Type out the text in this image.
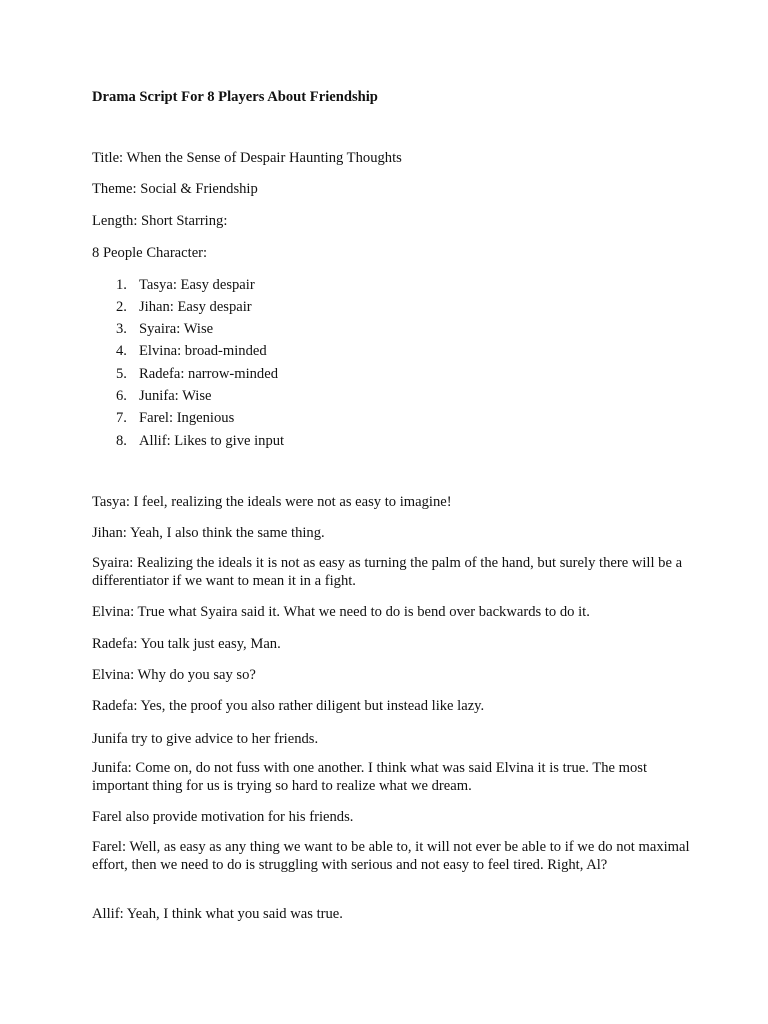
Drama Script For 8 Players About Friendship

Title: When the Sense of Despair Haunting Thoughts

Theme: Social & Friendship

Length: Short Starring:

8 People Character:

1. Tasya: Easy despair
2. Jihan: Easy despair
3. Syaira: Wise
4. Elvina: broad-minded
5. Radefa: narrow-minded
6. Junifa: Wise
7. Farel: Ingenious
8. Allif: Likes to give input

Tasya: I feel, realizing the ideals were not as easy to imagine!

Jihan: Yeah, I also think the same thing.

Syaira: Realizing the ideals it is not as easy as turning the palm of the hand, but surely there will be a differentiator if we want to mean it in a fight.

Elvina: True what Syaira said it. What we need to do is bend over backwards to do it.

Radefa: You talk just easy, Man.

Elvina: Why do you say so?

Radefa: Yes, the proof you also rather diligent but instead like lazy.

Junifa try to give advice to her friends.

Junifa: Come on, do not fuss with one another. I think what was said Elvina it is true. The most important thing for us is trying so hard to realize what we dream.

Farel also provide motivation for his friends.

Farel: Well, as easy as any thing we want to be able to, it will not ever be able to if we do not maximal effort, then we need to do is struggling with serious and not easy to feel tired. Right, Al?

Allif: Yeah, I think what you said was true.
